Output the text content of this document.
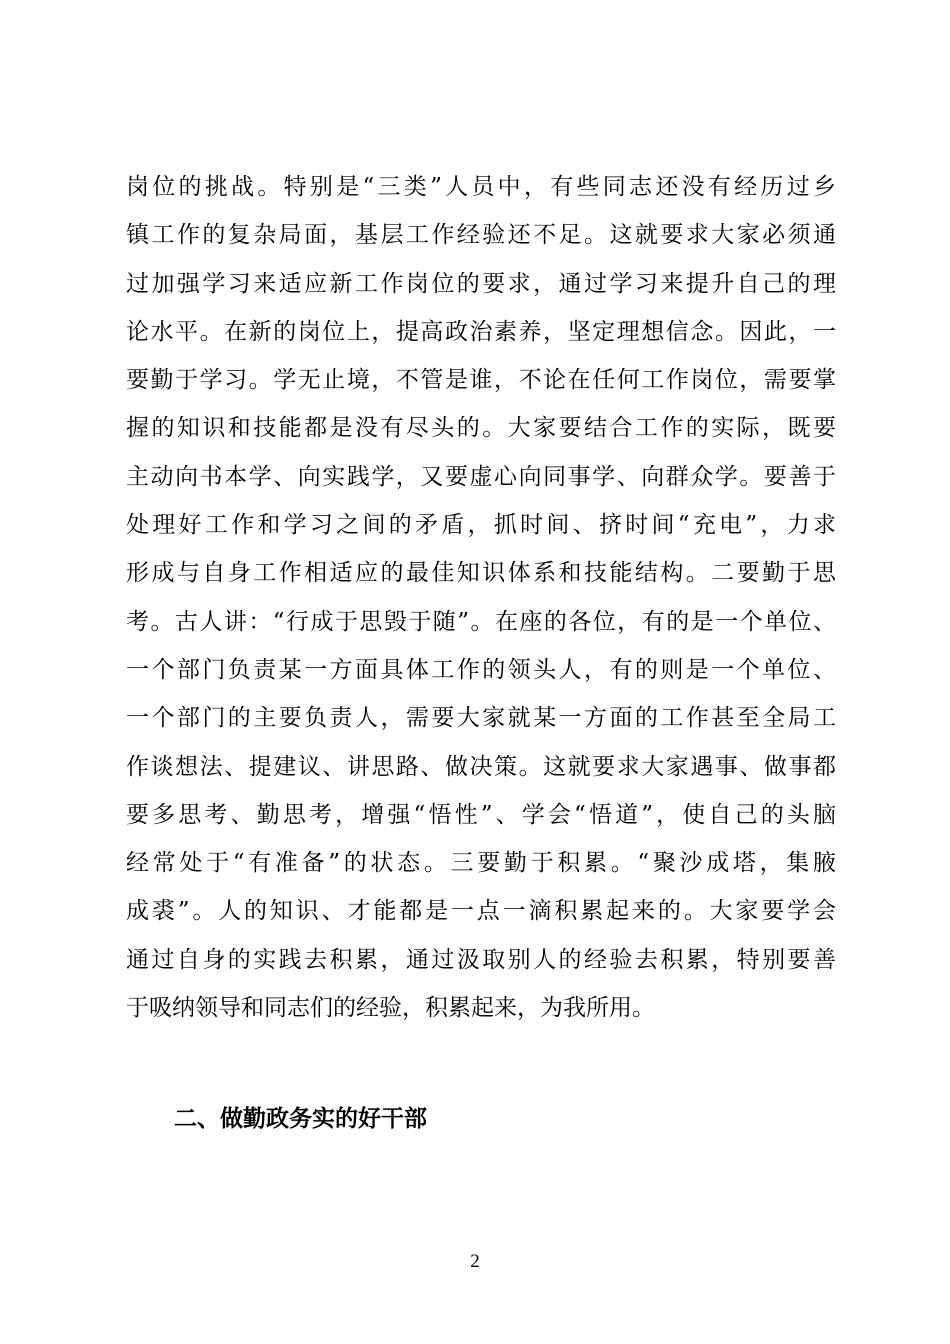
岗位的挑战。特别是“三类”人员中，有些同志还没有经历过乡
镇工作的复杂局面，基层工作经验还不足。这就要求大家必须通
过加强学习来适应新工作岗位的要求，通过学习来提升自己的理
论水平。在新的岗位上，提高政治素养，坚定理想信念。因此，一
要勤于学习。学无止境，不管是谁，不论在任何工作岗位，需要掌
握的知识和技能都是没有尽头的。大家要结合工作的实际，既要
主动向书本学、向实践学，又要虚心向同事学、向群众学。要善于
处理好工作和学习之间的矛盾，抓时间、挤时间“充电”，力求
形成与自身工作相适应的最佳知识体系和技能结构。二要勤于思
考。古人讲：“行成于思毁于随”。在座的各位，有的是一个单位、
一个部门负责某一方面具体工作的领头人，有的则是一个单位、
一个部门的主要负责人，需要大家就某一方面的工作甚至全局工
作谈想法、提建议、讲思路、做决策。这就要求大家遇事、做事都
要多思考、勤思考，增强“悟性”、学会“悟道”，使自己的头脑
经常处于“有准备”的状态。三要勤于积累。“聚沙成塔，集腋
成裘”。人的知识、才能都是一点一滴积累起来的。大家要学会
通过自身的实践去积累，通过汲取别人的经验去积累，特别要善
于吸纳领导和同志们的经验，积累起来，为我所用。
二、做勤政务实的好干部
2
